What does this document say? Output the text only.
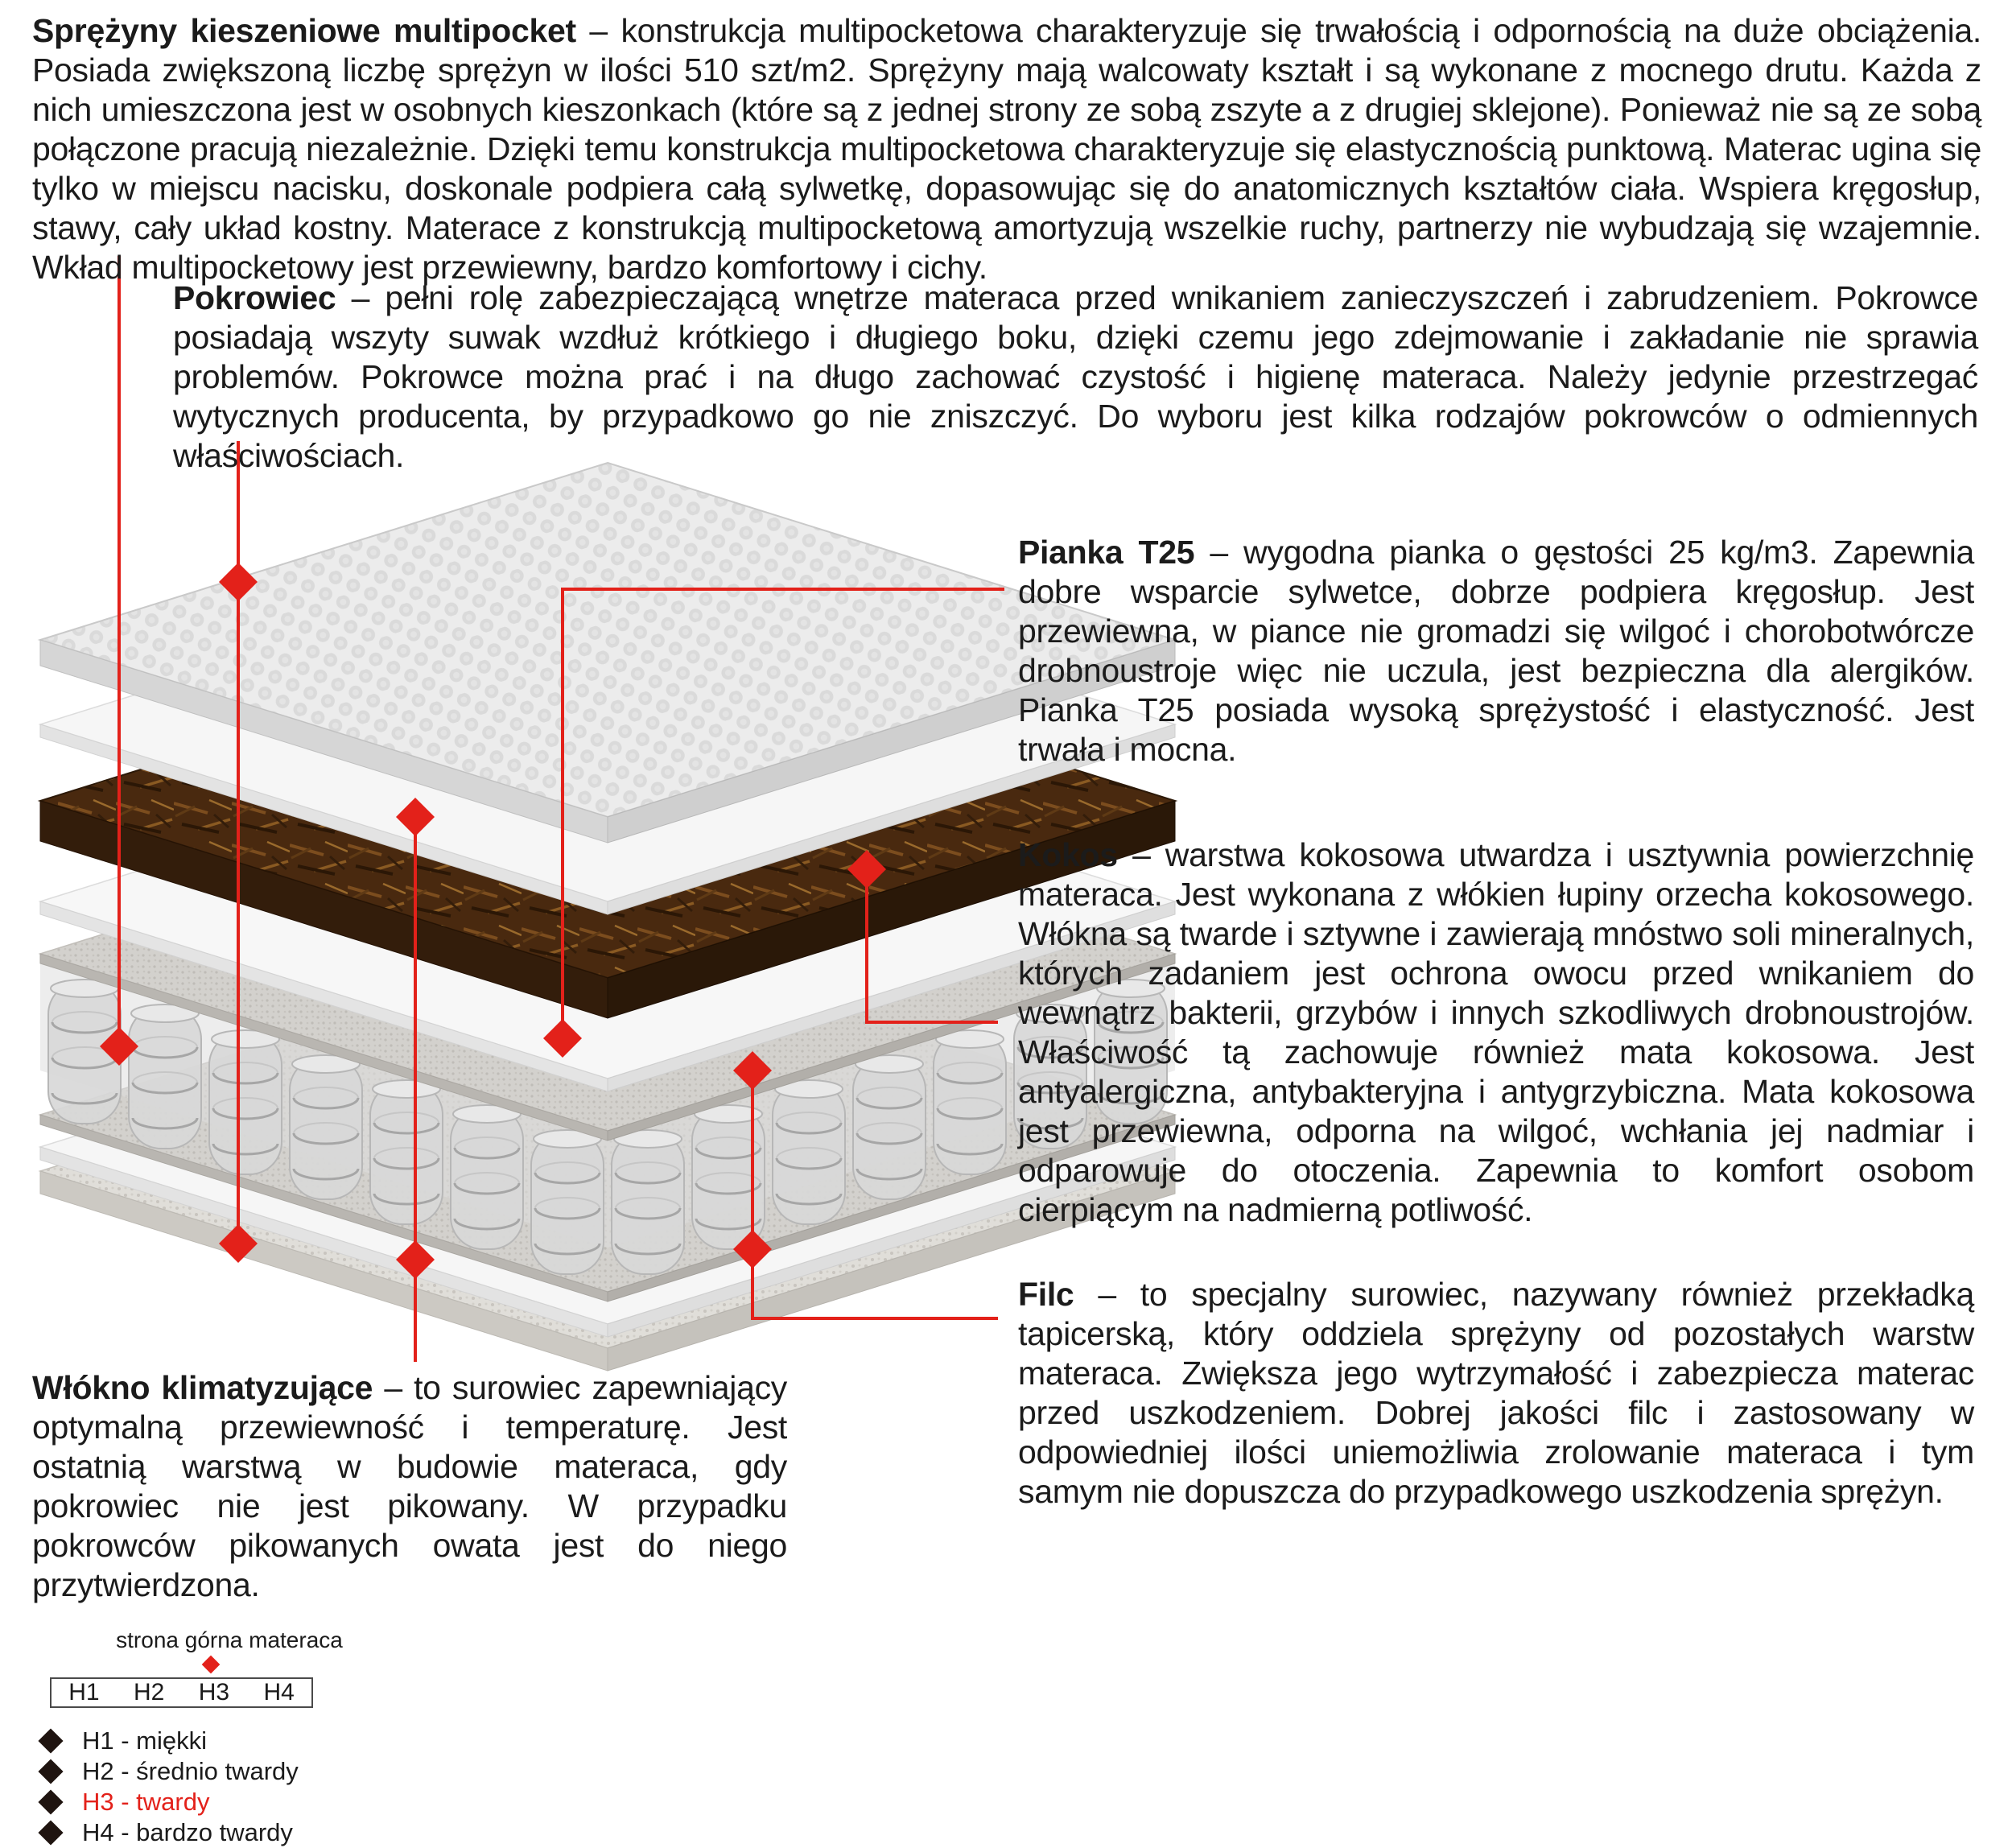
Sprężyny kieszeniowe multipocket – konstrukcja multipocketowa charakteryzuje się trwałością i odpornością na duże obciążenia. Posiada zwiększoną liczbę sprężyn w ilości 510 szt/m2. Sprężyny mają walcowaty kształt i są wykonane z mocnego drutu. Każda z nich umieszczona jest w osobnych kieszonkach (które są z jednej strony ze sobą zszyte a z drugiej sklejone). Ponieważ nie są ze sobą połączone pracują niezależnie. Dzięki temu konstrukcja multipocketowa charakteryzuje się elastycznością punktową. Materac ugina się tylko w miejscu nacisku, doskonale podpiera całą sylwetkę, dopasowując się do anatomicznych kształtów ciała. Wspiera kręgosłup, stawy, cały układ kostny. Materace z konstrukcją multipocketową amortyzują wszelkie ruchy, partnerzy nie wybudzają się wzajemnie. Wkład multipocketowy jest przewiewny, bardzo komfortowy i cichy.

Pokrowiec – pełni rolę zabezpieczającą wnętrze materaca przed wnikaniem zanieczyszczeń i zabrudzeniem. Pokrowce posiadają wszyty suwak wzdłuż krótkiego i długiego boku, dzięki czemu jego zdejmowanie i zakładanie nie sprawia problemów. Pokrowce można prać i na długo zachować czystość i higienę materaca. Należy jedynie przestrzegać wytycznych producenta, by przypadkowo go nie zniszczyć. Do wyboru jest kilka rodzajów pokrowców o odmiennych właściwościach.

Pianka T25 – wygodna pianka o gęstości 25 kg/m3. Zapewnia dobre wsparcie sylwetce, dobrze podpiera kręgosłup. Jest przewiewna, w piance nie gromadzi się wilgoć i chorobotwórcze drobnoustroje więc nie uczula, jest bezpieczna dla alergików. Pianka T25 posiada wysoką sprężystość i elastyczność. Jest trwała i mocna.

Kokos – warstwa kokosowa utwardza i usztywnia powierzchnię materaca. Jest wykonana z włókien łupiny orzecha kokosowego. Włókna są twarde i sztywne i zawierają mnóstwo soli mineralnych, których zadaniem jest ochrona owocu przed wnikaniem do wewnątrz bakterii, grzybów i innych szkodliwych drobnoustrojów. Właściwość tą zachowuje również mata kokosowa. Jest antyalergiczna, antybakteryjna i antygrzybiczna. Mata kokosowa jest przewiewna, odporna na wilgoć, wchłania jej nadmiar i odparowuje do otoczenia. Zapewnia to komfort osobom cierpiącym na nadmierną potliwość.

Filc – to specjalny surowiec, nazywany również przekładką tapicerską, który oddziela sprężyny od pozostałych warstw materaca. Zwiększa jego wytrzymałość i zabezpiecza materac przed uszkodzeniem. Dobrej jakości filc i zastosowany w odpowiedniej ilości uniemożliwia zrolowanie materaca i tym samym nie dopuszcza do przypadkowego uszkodzenia sprężyn.

Włókno klimatyzujące – to surowiec zapewniający optymalną przewiewność i temperaturę. Jest ostatnią warstwą w budowie materaca, gdy pokrowiec nie jest pikowany. W przypadku pokrowców pikowanych owata jest do niego przytwierdzona.

strona górna materaca
H1	H2	H3	H4
H1 - miękki
H2 - średnio twardy
H3 - twardy
H4 - bardzo twardy
